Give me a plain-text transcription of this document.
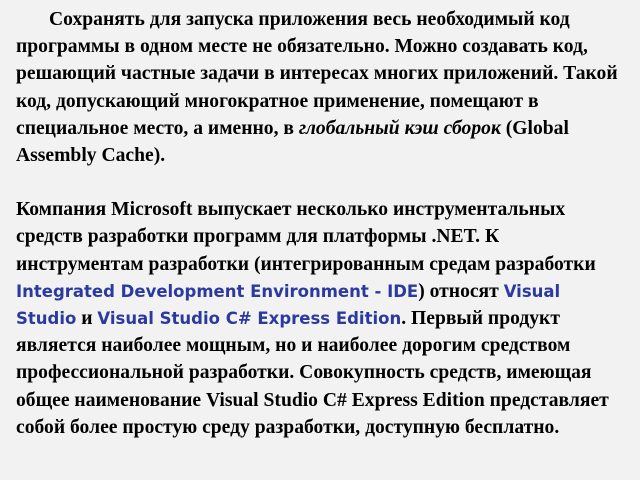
Сохранять для запуска приложения весь необходимый код программы в одном месте не обязательно. Можно создавать код, решающий частные задачи в интересах многих приложений. Такой код, допускающий многократное применение, помещают в специальное место, а именно, в глобальный кэш сборок (Global Assembly Cache).

Компания Microsoft выпускает несколько инструментальных средств разработки программ для платформы .NET. К инструментам разработки (интегрированным средам разработки Integrated Development Environment - IDE) относят Visual Studio и Visual Studio C# Express Edition. Первый продукт является наиболее мощным, но и наиболее дорогим средством профессиональной разработки. Совокупность средств, имеющая общее наименование Visual Studio C# Express Edition представляет собой более простую среду разработки, доступную бесплатно.
